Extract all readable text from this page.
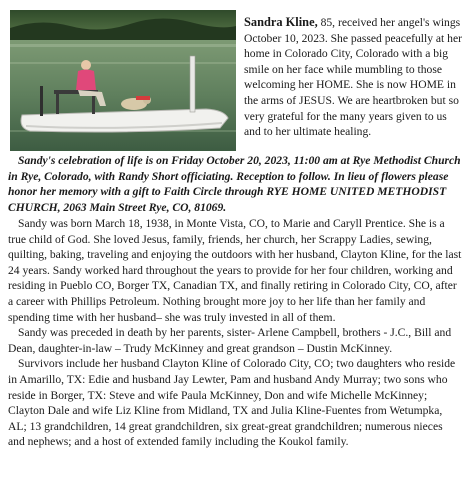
Sandra Kline, 85, received her angel's wings October 10, 2023. She passed peacefully at her home in Colorado City, Colorado with a big smile on her face while mumbling to those welcoming her HOME. She is now HOME in the arms of JESUS. We are heartbroken but so very grateful for the many years given to us and to her ultimate healing.
Sandy's celebration of life is on Friday October 20, 2023, 11:00 am at Rye Methodist Church in Rye, Colorado, with Randy Short officiating. Reception to follow. In lieu of flowers please honor her memory with a gift to Faith Circle through RYE HOME UNITED METHODIST CHURCH, 2063 Main Street Rye, CO, 81069.

Sandy was born March 18, 1938, in Monte Vista, CO, to Marie and Caryll Prentice. She is a true child of God. She loved Jesus, family, friends, her church, her Scrappy Ladies, sewing, quilting, baking, traveling and enjoying the outdoors with her husband, Clayton Kline, for the last 24 years. Sandy worked hard throughout the years to provide for her four children, working and residing in Pueblo CO, Borger TX, Canadian TX, and finally retiring in Colorado City, CO, after a career with Phillips Petroleum. Nothing brought more joy to her life than her family and spending time with her husband– she was truly invested in all of them.

Sandy was preceded in death by her parents, sister- Arlene Campbell, brothers - J.C., Bill and Dean, daughter-in-law – Trudy McKinney and great grandson – Dustin McKinney.

Survivors include her husband Clayton Kline of Colorado City, CO; two daughters who reside in Amarillo, TX: Edie and husband Jay Lewter, Pam and husband Andy Murray; two sons who reside in Borger, TX: Steve and wife Paula McKinney, Don and wife Michelle McKinney; Clayton Dale and wife Liz Kline from Midland, TX and Julia Kline-Fuentes from Wetumpka, AL; 13 grandchildren, 14 great grandchildren, six great-great grandchildren; numerous nieces and nephews; and a host of extended family including the Koukol family.
